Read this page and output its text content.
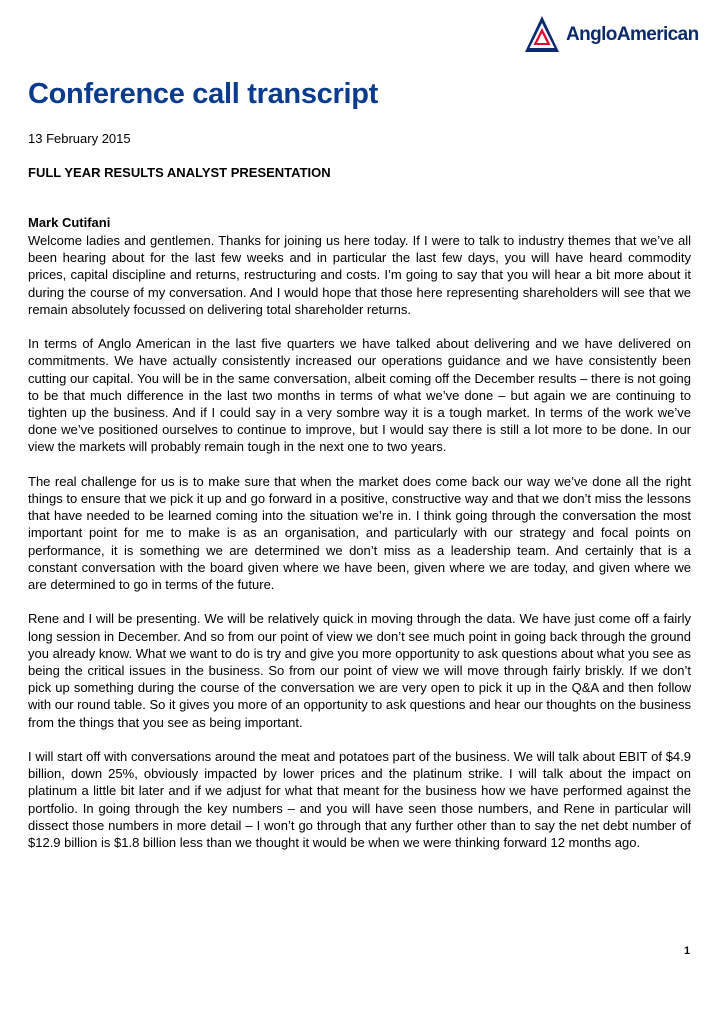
AngloAmerican
Conference call transcript
13 February 2015
FULL YEAR RESULTS ANALYST PRESENTATION
Mark Cutifani

Welcome ladies and gentlemen. Thanks for joining us here today. If I were to talk to industry themes that we’ve all been hearing about for the last few weeks and in particular the last few days, you will have heard commodity prices, capital discipline and returns, restructuring and costs. I’m going to say that you will hear a bit more about it during the course of my conversation. And I would hope that those here representing shareholders will see that we remain absolutely focussed on delivering total shareholder returns.

In terms of Anglo American in the last five quarters we have talked about delivering and we have delivered on commitments. We have actually consistently increased our operations guidance and we have consistently been cutting our capital. You will be in the same conversation, albeit coming off the December results – there is not going to be that much difference in the last two months in terms of what we’ve done – but again we are continuing to tighten up the business. And if I could say in a very sombre way it is a tough market. In terms of the work we’ve done we’ve positioned ourselves to continue to improve, but I would say there is still a lot more to be done. In our view the markets will probably remain tough in the next one to two years.

The real challenge for us is to make sure that when the market does come back our way we’ve done all the right things to ensure that we pick it up and go forward in a positive, constructive way and that we don’t miss the lessons that have needed to be learned coming into the situation we’re in. I think going through the conversation the most important point for me to make is as an organisation, and particularly with our strategy and focal points on performance, it is something we are determined we don’t miss as a leadership team. And certainly that is a constant conversation with the board given where we have been, given where we are today, and given where we are determined to go in terms of the future.

Rene and I will be presenting. We will be relatively quick in moving through the data. We have just come off a fairly long session in December. And so from our point of view we don’t see much point in going back through the ground you already know. What we want to do is try and give you more opportunity to ask questions about what you see as being the critical issues in the business. So from our point of view we will move through fairly briskly. If we don’t pick up something during the course of the conversation we are very open to pick it up in the Q&A and then follow with our round table. So it gives you more of an opportunity to ask questions and hear our thoughts on the business from the things that you see as being important.

I will start off with conversations around the meat and potatoes part of the business. We will talk about EBIT of $4.9 billion, down 25%, obviously impacted by lower prices and the platinum strike. I will talk about the impact on platinum a little bit later and if we adjust for what that meant for the business how we have performed against the portfolio. In going through the key numbers – and you will have seen those numbers, and Rene in particular will dissect those numbers in more detail – I won’t go through that any further other than to say the net debt number of $12.9 billion is $1.8 billion less than we thought it would be when we were thinking forward 12 months ago.

1
